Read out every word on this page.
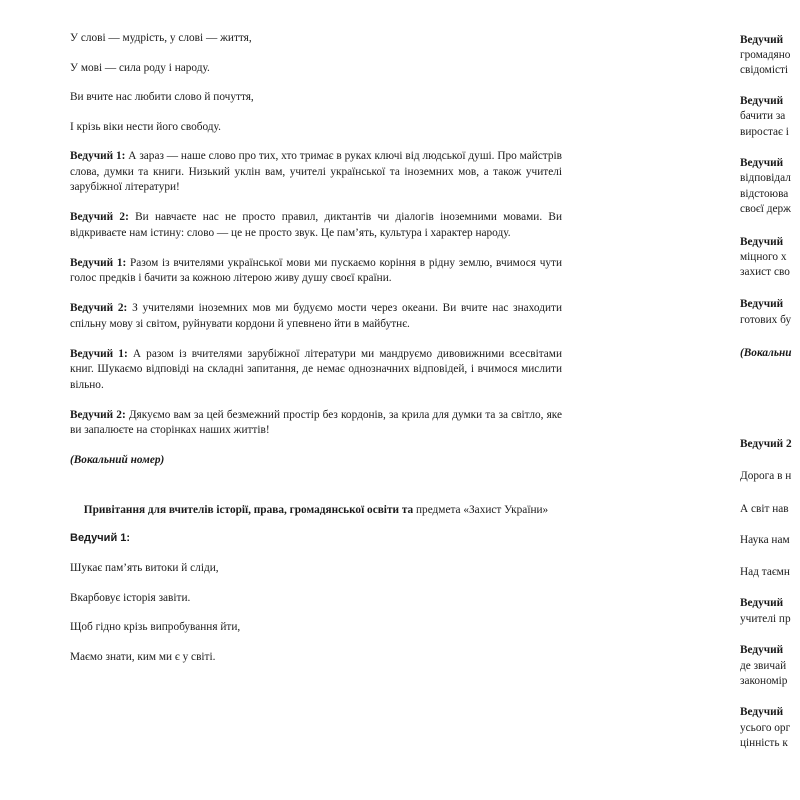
У слові — мудрість, у слові — життя,

У мові — сила роду і народу.

Ви вчите нас любити слово й почуття,

І крізь віки нести його свободу.

Ведучий 1: А зараз — наше слово про тих, хто тримає в руках ключі від людської душі. Про майстрів слова, думки та книги. Низький уклін вам, учителі української та іноземних мов, а також учителі зарубіжної літератури!

Ведучий 2: Ви навчаєте нас не просто правил, диктантів чи діалогів іноземними мовами. Ви відкриваєте нам істину: слово — це не просто звук. Це пам’ять, культура і характер народу.

Ведучий 1: Разом із вчителями української мови ми пускаємо коріння в рідну землю, вчимося чути голос предків і бачити за кожною літерою живу душу своєї країни.

Ведучий 2: З учителями іноземних мов ми будуємо мости через океани. Ви вчите нас знаходити спільну мову зі світом, руйнувати кордони й упевнено йти в майбутнє.

Ведучий 1: А разом із вчителями зарубіжної літератури ми мандруємо дивовижними всесвітами книг. Шукаємо відповіді на складні запитання, де немає однозначних відповідей, і вчимося мислити вільно.

Ведучий 2: Дякуємо вам за цей безмежний простір без кордонів, за крила для думки та за світло, яке ви запалюєте на сторінках наших життів!

(Вокальний номер)

Привітання для вчителів історії, права, громадянської освіти та предмета «Захист України»

Ведучий 1:

Шукає пам’ять витоки й сліди,

Вкарбовує історія завіти.

Щоб гідно крізь випробування йти,

Маємо знати, ким ми є у світі.

Ведучий
громадяно
свідомісті
Ведучий
бачити за
виростає і
Ведучий
відповідал
відстоюва
своєї держ
Ведучий
міцного х
захист сво
Ведучий
готових бу
(Вокальни
Ведучий 2
Дорога в н
А світ нав
Наука нам
Над таємн
Ведучий
учителі пр
Ведучий
де звичай
закономір
Ведучий
усього орг
цінність к
